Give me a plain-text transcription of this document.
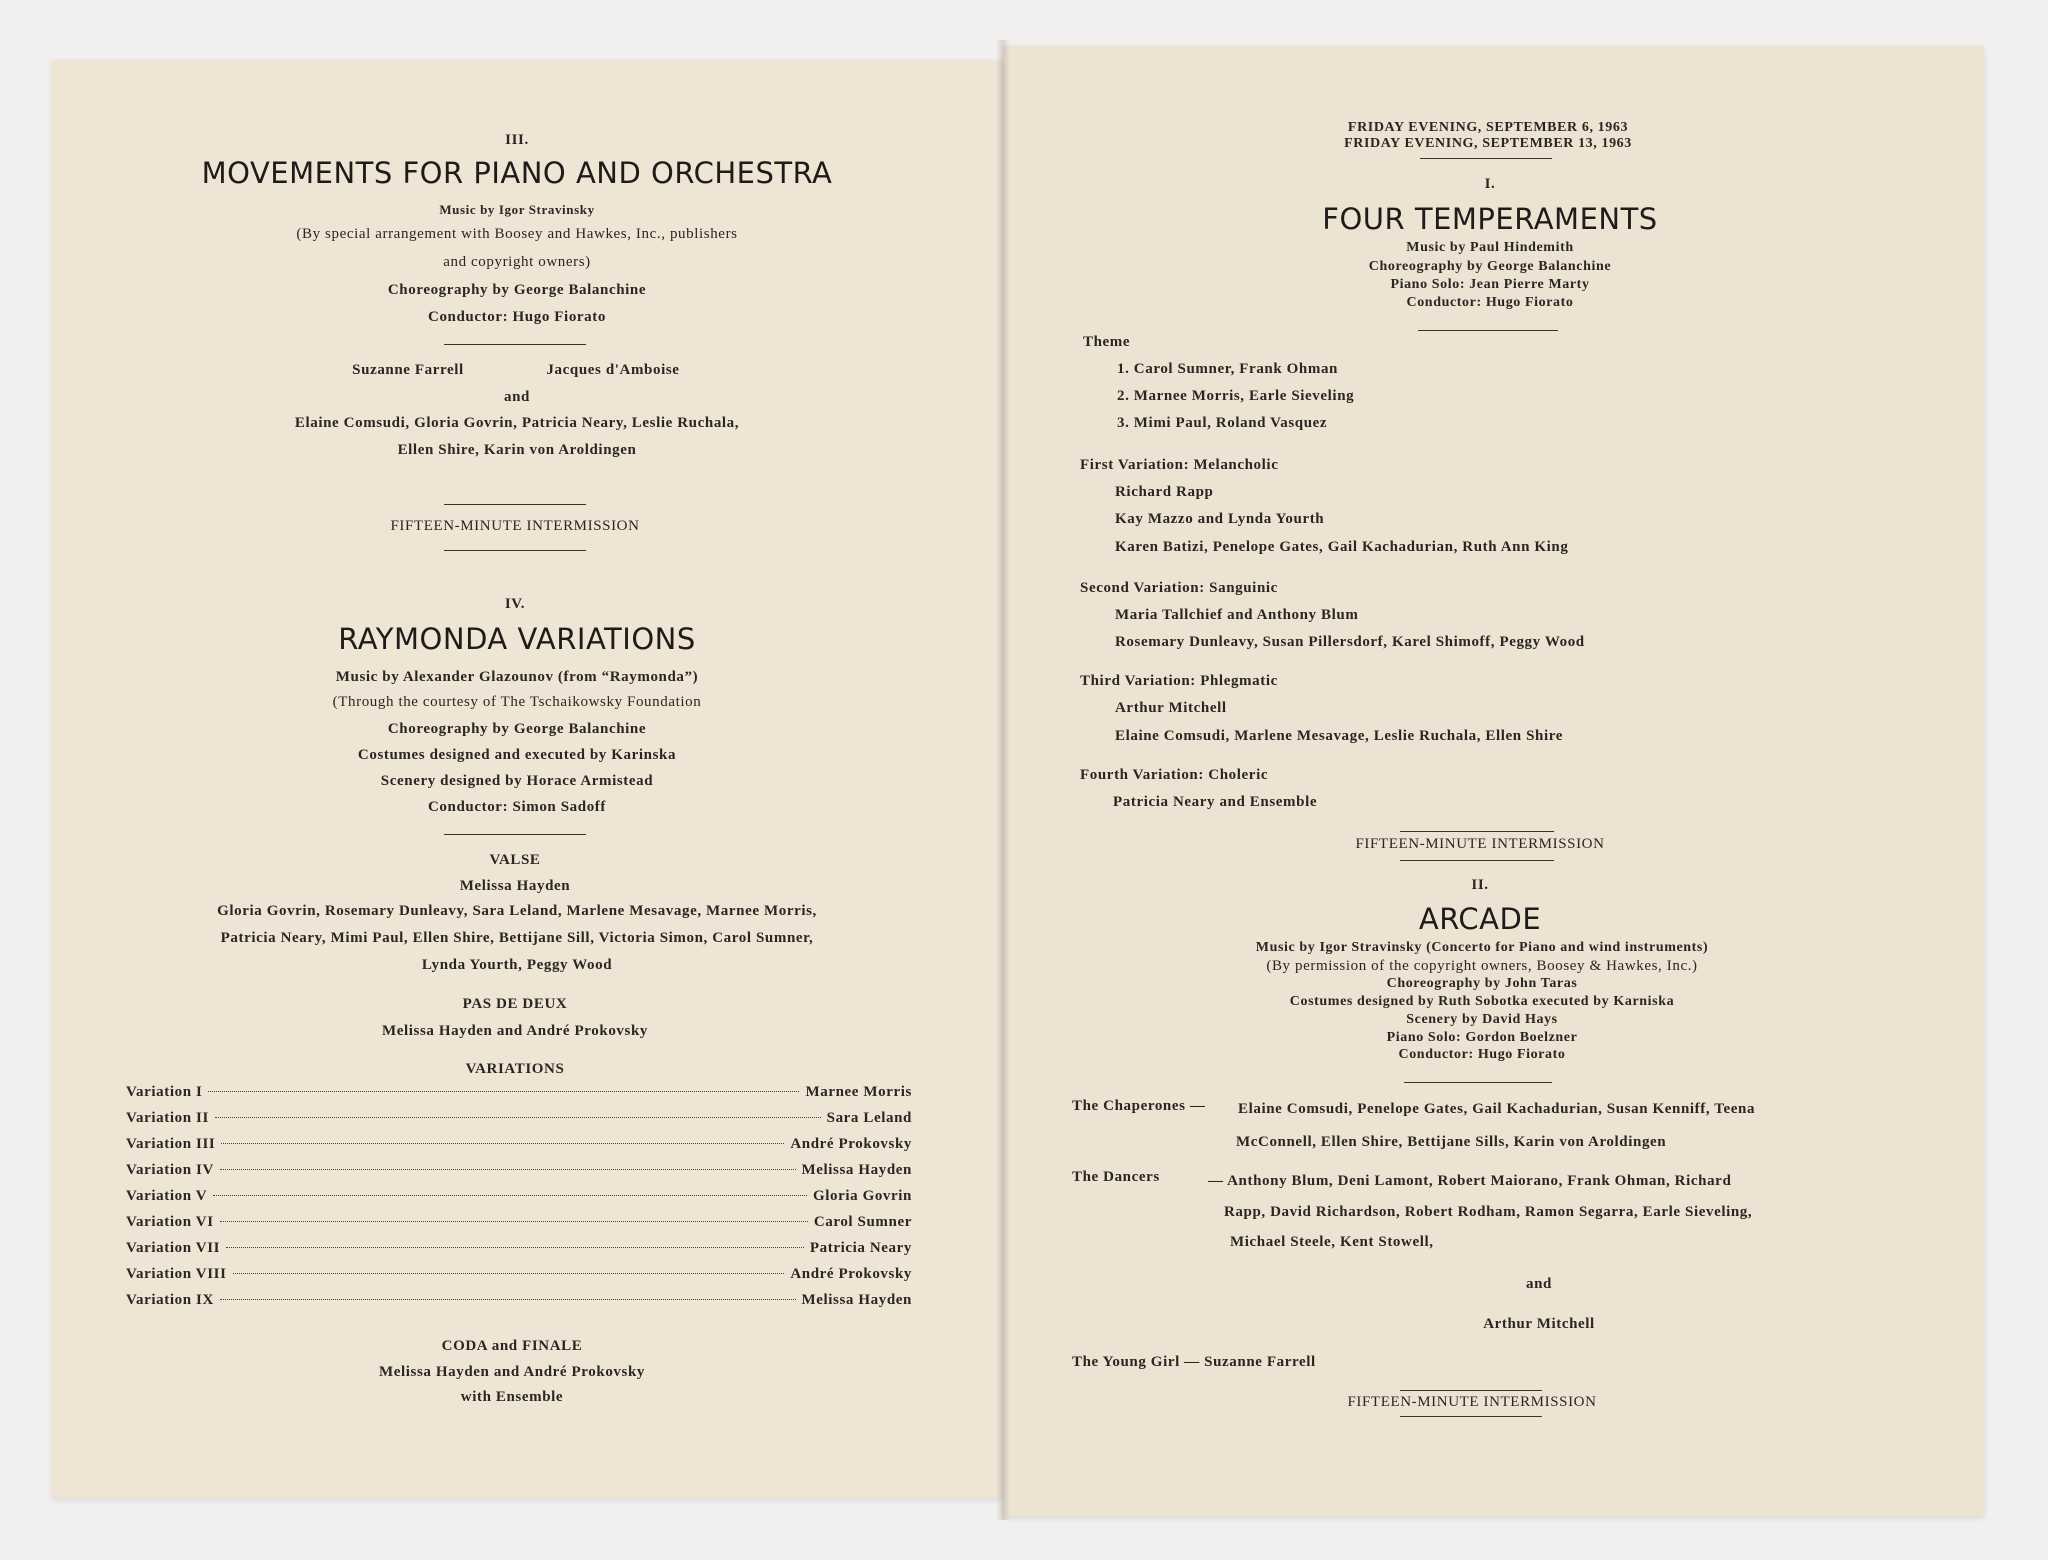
III.
MOVEMENTS FOR PIANO AND ORCHESTRA
Music by Igor Stravinsky
(By special arrangement with Boosey and Hawkes, Inc., publishers
and copyright owners)
Choreography by George Balanchine
Conductor: Hugo Fiorato
Suzanne Farrell	Jacques d'Amboise
and
Elaine Comsudi, Gloria Govrin, Patricia Neary, Leslie Ruchala,
Ellen Shire, Karin von Aroldingen
FIFTEEN-MINUTE INTERMISSION
IV.
RAYMONDA VARIATIONS
Music by Alexander Glazounov (from “Raymonda”)
(Through the courtesy of The Tschaikowsky Foundation
Choreography by George Balanchine
Costumes designed and executed by Karinska
Scenery designed by Horace Armistead
Conductor: Simon Sadoff
VALSE
Melissa Hayden
Gloria Govrin, Rosemary Dunleavy, Sara Leland, Marlene Mesavage, Marnee Morris,
Patricia Neary, Mimi Paul, Ellen Shire, Bettijane Sill, Victoria Simon, Carol Sumner,
Lynda Yourth, Peggy Wood
PAS DE DEUX
Melissa Hayden and André Prokovsky
VARIATIONS
Variation I	Marnee Morris
Variation II	Sara Leland
Variation III	André Prokovsky
Variation IV	Melissa Hayden
Variation V	Gloria Govrin
Variation VI	Carol Sumner
Variation VII	Patricia Neary
Variation VIII	André Prokovsky
Variation IX	Melissa Hayden
CODA and FINALE
Melissa Hayden and André Prokovsky
with Ensemble
FRIDAY EVENING, SEPTEMBER 6, 1963
FRIDAY EVENING, SEPTEMBER 13, 1963
I.
FOUR TEMPERAMENTS
Music by Paul Hindemith
Choreography by George Balanchine
Piano Solo: Jean Pierre Marty
Conductor: Hugo Fiorato
Theme
1. Carol Sumner, Frank Ohman
2. Marnee Morris, Earle Sieveling
3. Mimi Paul, Roland Vasquez
First Variation: Melancholic
Richard Rapp
Kay Mazzo and Lynda Yourth
Karen Batizi, Penelope Gates, Gail Kachadurian, Ruth Ann King
Second Variation: Sanguinic
Maria Tallchief and Anthony Blum
Rosemary Dunleavy, Susan Pillersdorf, Karel Shimoff, Peggy Wood
Third Variation: Phlegmatic
Arthur Mitchell
Elaine Comsudi, Marlene Mesavage, Leslie Ruchala, Ellen Shire
Fourth Variation: Choleric
Patricia Neary and Ensemble
FIFTEEN-MINUTE INTERMISSION
II.
ARCADE
Music by Igor Stravinsky (Concerto for Piano and wind instruments)
(By permission of the copyright owners, Boosey & Hawkes, Inc.)
Choreography by John Taras
Costumes designed by Ruth Sobotka executed by Karniska
Scenery by David Hays
Piano Solo: Gordon Boelzner
Conductor: Hugo Fiorato
The Chaperones — Elaine Comsudi, Penelope Gates, Gail Kachadurian, Susan Kenniff, Teena
McConnell, Ellen Shire, Bettijane Sills, Karin von Aroldingen
The Dancers	— Anthony Blum, Deni Lamont, Robert Maiorano, Frank Ohman, Richard
Rapp, David Richardson, Robert Rodham, Ramon Segarra, Earle Sieveling,
Michael Steele, Kent Stowell,
and
Arthur Mitchell
The Young Girl — Suzanne Farrell
FIFTEEN-MINUTE INTERMISSION
